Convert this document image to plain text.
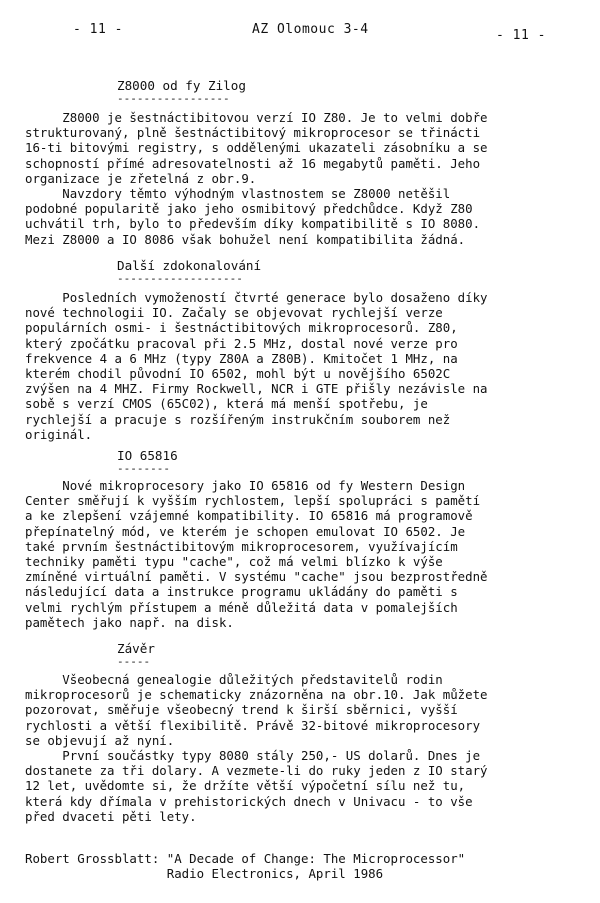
- 11 -	AZ Olomouc 3-4	- 11 -
Z8000 od fy Zilog
-----------------
Z8000 je šestnáctibitovou verzí IO Z80. Je to velmi dobře
strukturovaný, plně šestnáctibitový mikroprocesor se třinácti
16-ti bitovými registry, s oddělenými ukazateli zásobníku a se
schopností přímé adresovatelnosti až 16 megabytů paměti. Jeho
organizace je zřetelná z obr.9.
Navzdory těmto výhodným vlastnostem se Z8000 netěšil
podobné popularitě jako jeho osmibitový předchůdce. Když Z80
uchvátil trh, bylo to především díky kompatibilitě s IO 8080.
Mezi Z8000 a IO 8086 však bohužel není kompatibilita žádná.
Další zdokonalování
-------------------
Posledních vymožeností čtvrté generace bylo dosaženo díky
nové technologii IO. Začaly se objevovat rychlejší verze
populárních osmi- i šestnáctibitových mikroprocesorů. Z80,
který zpočátku pracoval při 2.5 MHz, dostal nové verze pro
frekvence 4 a 6 MHz (typy Z80A a Z80B). Kmitočet 1 MHz, na
kterém chodil původní IO 6502, mohl být u novějšího 6502C
zvýšen na 4 MHZ. Firmy Rockwell, NCR i GTE přišly nezávisle na
sobě s verzí CMOS (65C02), která má menší spotřebu, je
rychlejší a pracuje s rozšířeným instrukčním souborem než
originál.
IO 65816
--------
Nové mikroprocesory jako IO 65816 od fy Western Design
Center směřují k vyšším rychlostem, lepší spolupráci s pamětí
a ke zlepšení vzájemné kompatibility. IO 65816 má programově
přepínatelný mód, ve kterém je schopen emulovat IO 6502. Je
také prvním šestnáctibitovým mikroprocesorem, využívajícím
techniky paměti typu "cache", což má velmi blízko k výše
zmíněné virtuální paměti. V systému "cache" jsou bezprostředně
následující data a instrukce programu ukládány do paměti s
velmi rychlým přístupem a méně důležitá data v pomalejších
pamětech jako např. na disk.
Závěr
-----
Všeobecná genealogie důležitých představitelů rodin
mikroprocesorů je schematicky znázorněna na obr.10. Jak můžete
pozorovat, směřuje všeobecný trend k širší sběrnici, vyšší
rychlosti a větší flexibilitě. Právě 32-bitové mikroprocesory
se objevují až nyní.
První součástky typy 8080 stály 250,- US dolarů. Dnes je
dostanete za tři dolary. A vezmete-li do ruky jeden z IO starý
12 let, uvědomte si, že držíte větší výpočetní sílu než tu,
která kdy dřímala v prehistorických dnech v Univacu - to vše
před dvaceti pěti lety.
Robert Grossblatt: "A Decade of Change: The Microprocessor"
Radio Electronics, April 1986
